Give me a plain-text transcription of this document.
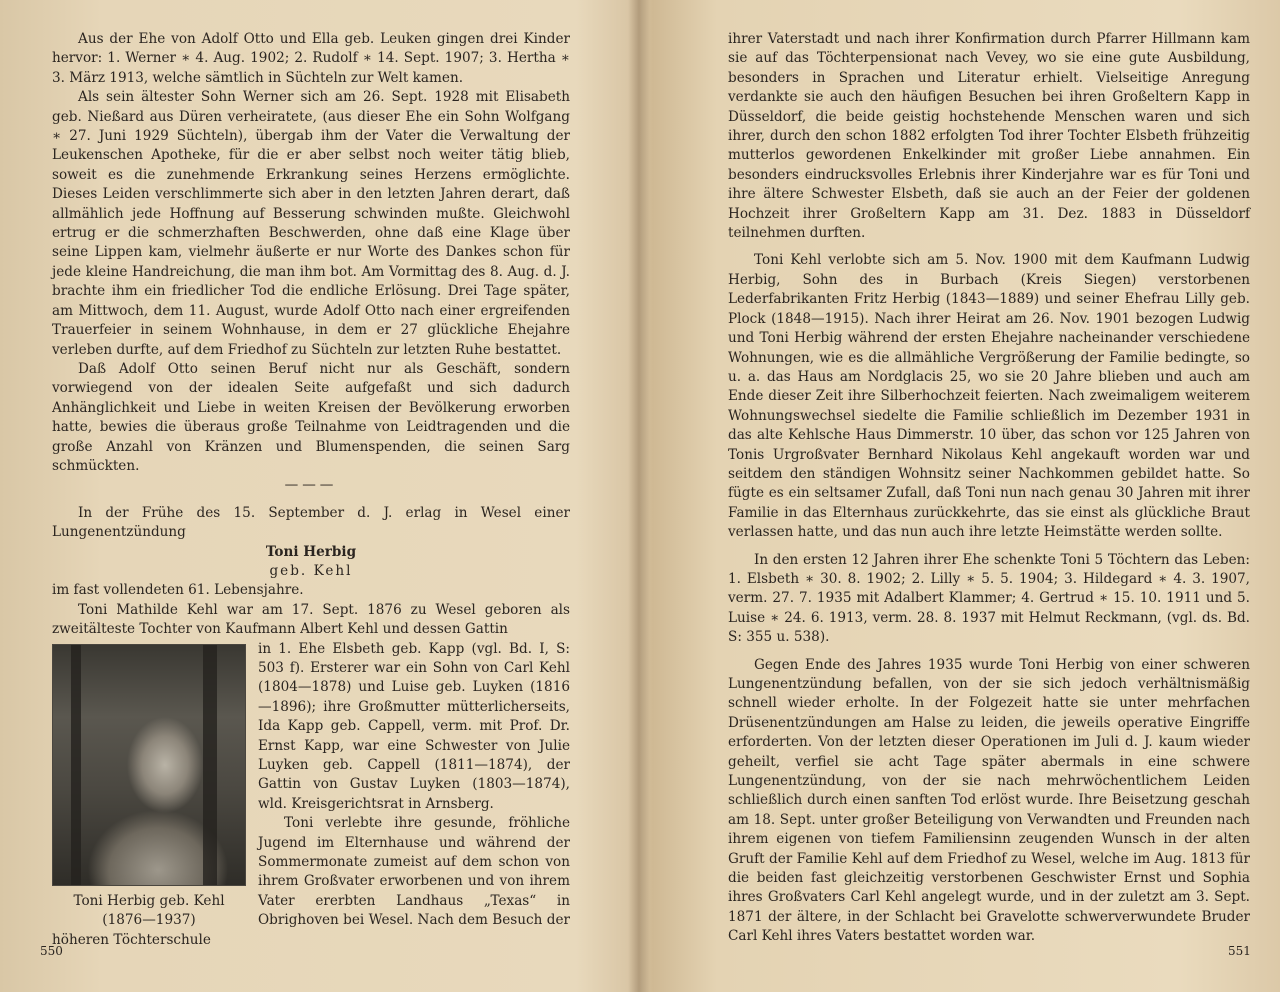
Aus der Ehe von Adolf Otto und Ella geb. Leuken gingen drei Kinder hervor: 1. Werner ∗ 4. Aug. 1902; 2. Rudolf ∗ 14. Sept. 1907; 3. Hertha ∗ 3. März 1913, welche sämtlich in Süchteln zur Welt kamen.

Als sein ältester Sohn Werner sich am 26. Sept. 1928 mit Elisabeth geb. Nießard aus Düren verheiratete, (aus dieser Ehe ein Sohn Wolfgang ∗ 27. Juni 1929 Süchteln), übergab ihm der Vater die Verwaltung der Leukenschen Apotheke, für die er aber selbst noch weiter tätig blieb, soweit es die zunehmende Erkrankung seines Herzens ermöglichte. Dieses Leiden verschlimmerte sich aber in den letzten Jahren derart, daß allmählich jede Hoffnung auf Besserung schwinden mußte. Gleichwohl ertrug er die schmerzhaften Beschwerden, ohne daß eine Klage über seine Lippen kam, vielmehr äußerte er nur Worte des Dankes schon für jede kleine Handreichung, die man ihm bot. Am Vormittag des 8. Aug. d. J. brachte ihm ein friedlicher Tod die endliche Erlösung. Drei Tage später, am Mittwoch, dem 11. August, wurde Adolf Otto nach einer ergreifenden Trauerfeier in seinem Wohnhause, in dem er 27 glückliche Ehejahre verleben durfte, auf dem Friedhof zu Süchteln zur letzten Ruhe bestattet.

Daß Adolf Otto seinen Beruf nicht nur als Geschäft, sondern vorwiegend von der idealen Seite aufgefaßt und sich dadurch Anhänglichkeit und Liebe in weiten Kreisen der Bevölkerung erworben hatte, bewies die überaus große Teilnahme von Leidtragenden und die große Anzahl von Kränzen und Blumenspenden, die seinen Sarg schmückten.

———

In der Frühe des 15. September d. J. erlag in Wesel einer Lungenentzündung

Toni Herbig

geb. Kehl

im fast vollendeten 61. Lebensjahre.

Toni Mathilde Kehl war am 17. Sept. 1876 zu Wesel geboren als zweitälteste Tochter von Kaufmann Albert Kehl und dessen Gattin

Toni Herbig geb. Kehl
(1876—1937)

in 1. Ehe Elsbeth geb. Kapp (vgl. Bd. I, S: 503 f). Ersterer war ein Sohn von Carl Kehl (1804—1878) und Luise geb. Luyken (1816—1896); ihre Großmutter mütterlicherseits, Ida Kapp geb. Cappell, verm. mit Prof. Dr. Ernst Kapp, war eine Schwester von Julie Luyken geb. Cappell (1811—1874), der Gattin von Gustav Luyken (1803—1874), wld. Kreisgerichtsrat in Arnsberg.

Toni verlebte ihre gesunde, fröhliche Jugend im Elternhause und während der Sommermonate zumeist auf dem schon von ihrem Großvater erworbenen und von ihrem Vater ererbten Landhaus „Texas“ in Obrighoven bei Wesel. Nach dem Besuch der höheren Töchterschule

550

ihrer Vaterstadt und nach ihrer Konfirmation durch Pfarrer Hillmann kam sie auf das Töchterpensionat nach Vevey, wo sie eine gute Ausbildung, besonders in Sprachen und Literatur erhielt. Vielseitige Anregung verdankte sie auch den häufigen Besuchen bei ihren Großeltern Kapp in Düsseldorf, die beide geistig hochstehende Menschen waren und sich ihrer, durch den schon 1882 erfolgten Tod ihrer Tochter Elsbeth frühzeitig mutterlos gewordenen Enkelkinder mit großer Liebe annahmen. Ein besonders eindrucksvolles Erlebnis ihrer Kinderjahre war es für Toni und ihre ältere Schwester Elsbeth, daß sie auch an der Feier der goldenen Hochzeit ihrer Großeltern Kapp am 31. Dez. 1883 in Düsseldorf teilnehmen durften.

Toni Kehl verlobte sich am 5. Nov. 1900 mit dem Kaufmann Ludwig Herbig, Sohn des in Burbach (Kreis Siegen) verstorbenen Lederfabrikanten Fritz Herbig (1843—1889) und seiner Ehefrau Lilly geb. Plock (1848—1915). Nach ihrer Heirat am 26. Nov. 1901 bezogen Ludwig und Toni Herbig während der ersten Ehejahre nacheinander verschiedene Wohnungen, wie es die allmähliche Vergrößerung der Familie bedingte, so u. a. das Haus am Nordglacis 25, wo sie 20 Jahre blieben und auch am Ende dieser Zeit ihre Silberhochzeit feierten. Nach zweimaligem weiterem Wohnungswechsel siedelte die Familie schließlich im Dezember 1931 in das alte Kehlsche Haus Dimmerstr. 10 über, das schon vor 125 Jahren von Tonis Urgroßvater Bernhard Nikolaus Kehl angekauft worden war und seitdem den ständigen Wohnsitz seiner Nachkommen gebildet hatte. So fügte es ein seltsamer Zufall, daß Toni nun nach genau 30 Jahren mit ihrer Familie in das Elternhaus zurückkehrte, das sie einst als glückliche Braut verlassen hatte, und das nun auch ihre letzte Heimstätte werden sollte.

In den ersten 12 Jahren ihrer Ehe schenkte Toni 5 Töchtern das Leben: 1. Elsbeth ∗ 30. 8. 1902; 2. Lilly ∗ 5. 5. 1904; 3. Hildegard ∗ 4. 3. 1907, verm. 27. 7. 1935 mit Adalbert Klammer; 4. Gertrud ∗ 15. 10. 1911 und 5. Luise ∗ 24. 6. 1913, verm. 28. 8. 1937 mit Helmut Reckmann, (vgl. ds. Bd. S: 355 u. 538).

Gegen Ende des Jahres 1935 wurde Toni Herbig von einer schweren Lungenentzündung befallen, von der sie sich jedoch verhältnismäßig schnell wieder erholte. In der Folgezeit hatte sie unter mehrfachen Drüsenentzündungen am Halse zu leiden, die jeweils operative Eingriffe erforderten. Von der letzten dieser Operationen im Juli d. J. kaum wieder geheilt, verfiel sie acht Tage später abermals in eine schwere Lungenentzündung, von der sie nach mehrwöchentlichem Leiden schließlich durch einen sanften Tod erlöst wurde. Ihre Beisetzung geschah am 18. Sept. unter großer Beteiligung von Verwandten und Freunden nach ihrem eigenen von tiefem Familiensinn zeugenden Wunsch in der alten Gruft der Familie Kehl auf dem Friedhof zu Wesel, welche im Aug. 1813 für die beiden fast gleichzeitig verstorbenen Geschwister Ernst und Sophia ihres Großvaters Carl Kehl angelegt wurde, und in der zuletzt am 3. Sept. 1871 der ältere, in der Schlacht bei Gravelotte schwerverwundete Bruder Carl Kehl ihres Vaters bestattet worden war.

551
